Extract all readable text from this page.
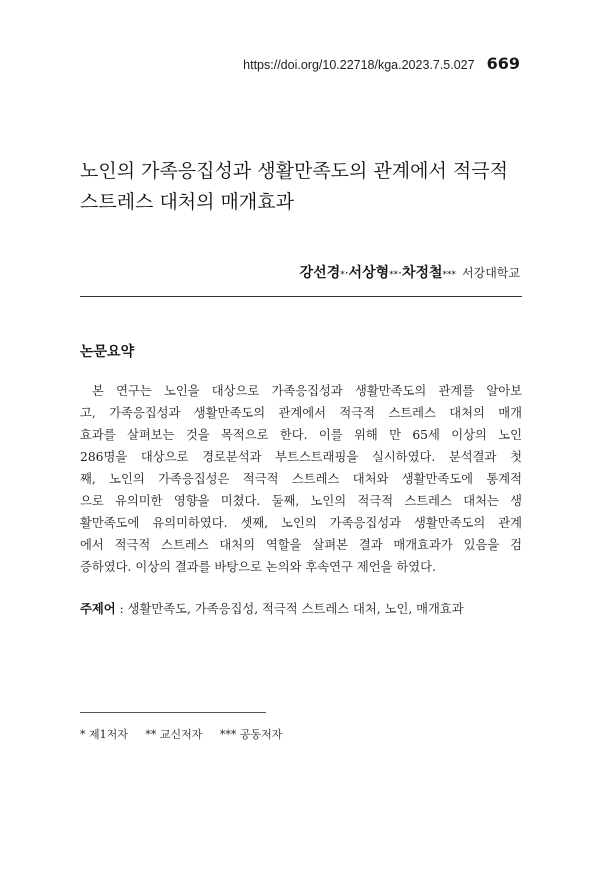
https://doi.org/10.22718/kga.2023.7.5.027 669
노인의 가족응집성과 생활만족도의 관계에서 적극적
스트레스 대처의 매개효과
강선경*·서상형**·차정철*** 서강대학교
논문요약
본 연구는 노인을 대상으로 가족응집성과 생활만족도의 관계를 알아보
고, 가족응집성과 생활만족도의 관계에서 적극적 스트레스 대처의 매개
효과를 살펴보는 것을 목적으로 한다. 이를 위해 만 65세 이상의 노인
286명을 대상으로 경로분석과 부트스트래핑을 실시하였다. 분석결과 첫
째, 노인의 가족응집성은 적극적 스트레스 대처와 생활만족도에 통계적
으로 유의미한 영향을 미쳤다. 둘째, 노인의 적극적 스트레스 대처는 생
활만족도에 유의미하였다. 셋째, 노인의 가족응집성과 생활만족도의 관계
에서 적극적 스트레스 대처의 역할을 살펴본 결과 매개효과가 있음을 검
증하였다. 이상의 결과를 바탕으로 논의와 후속연구 제언을 하였다.
주제어 : 생활만족도, 가족응집성, 적극적 스트레스 대처, 노인, 매개효과
* 제1저자 ** 교신저자 *** 공동저자
